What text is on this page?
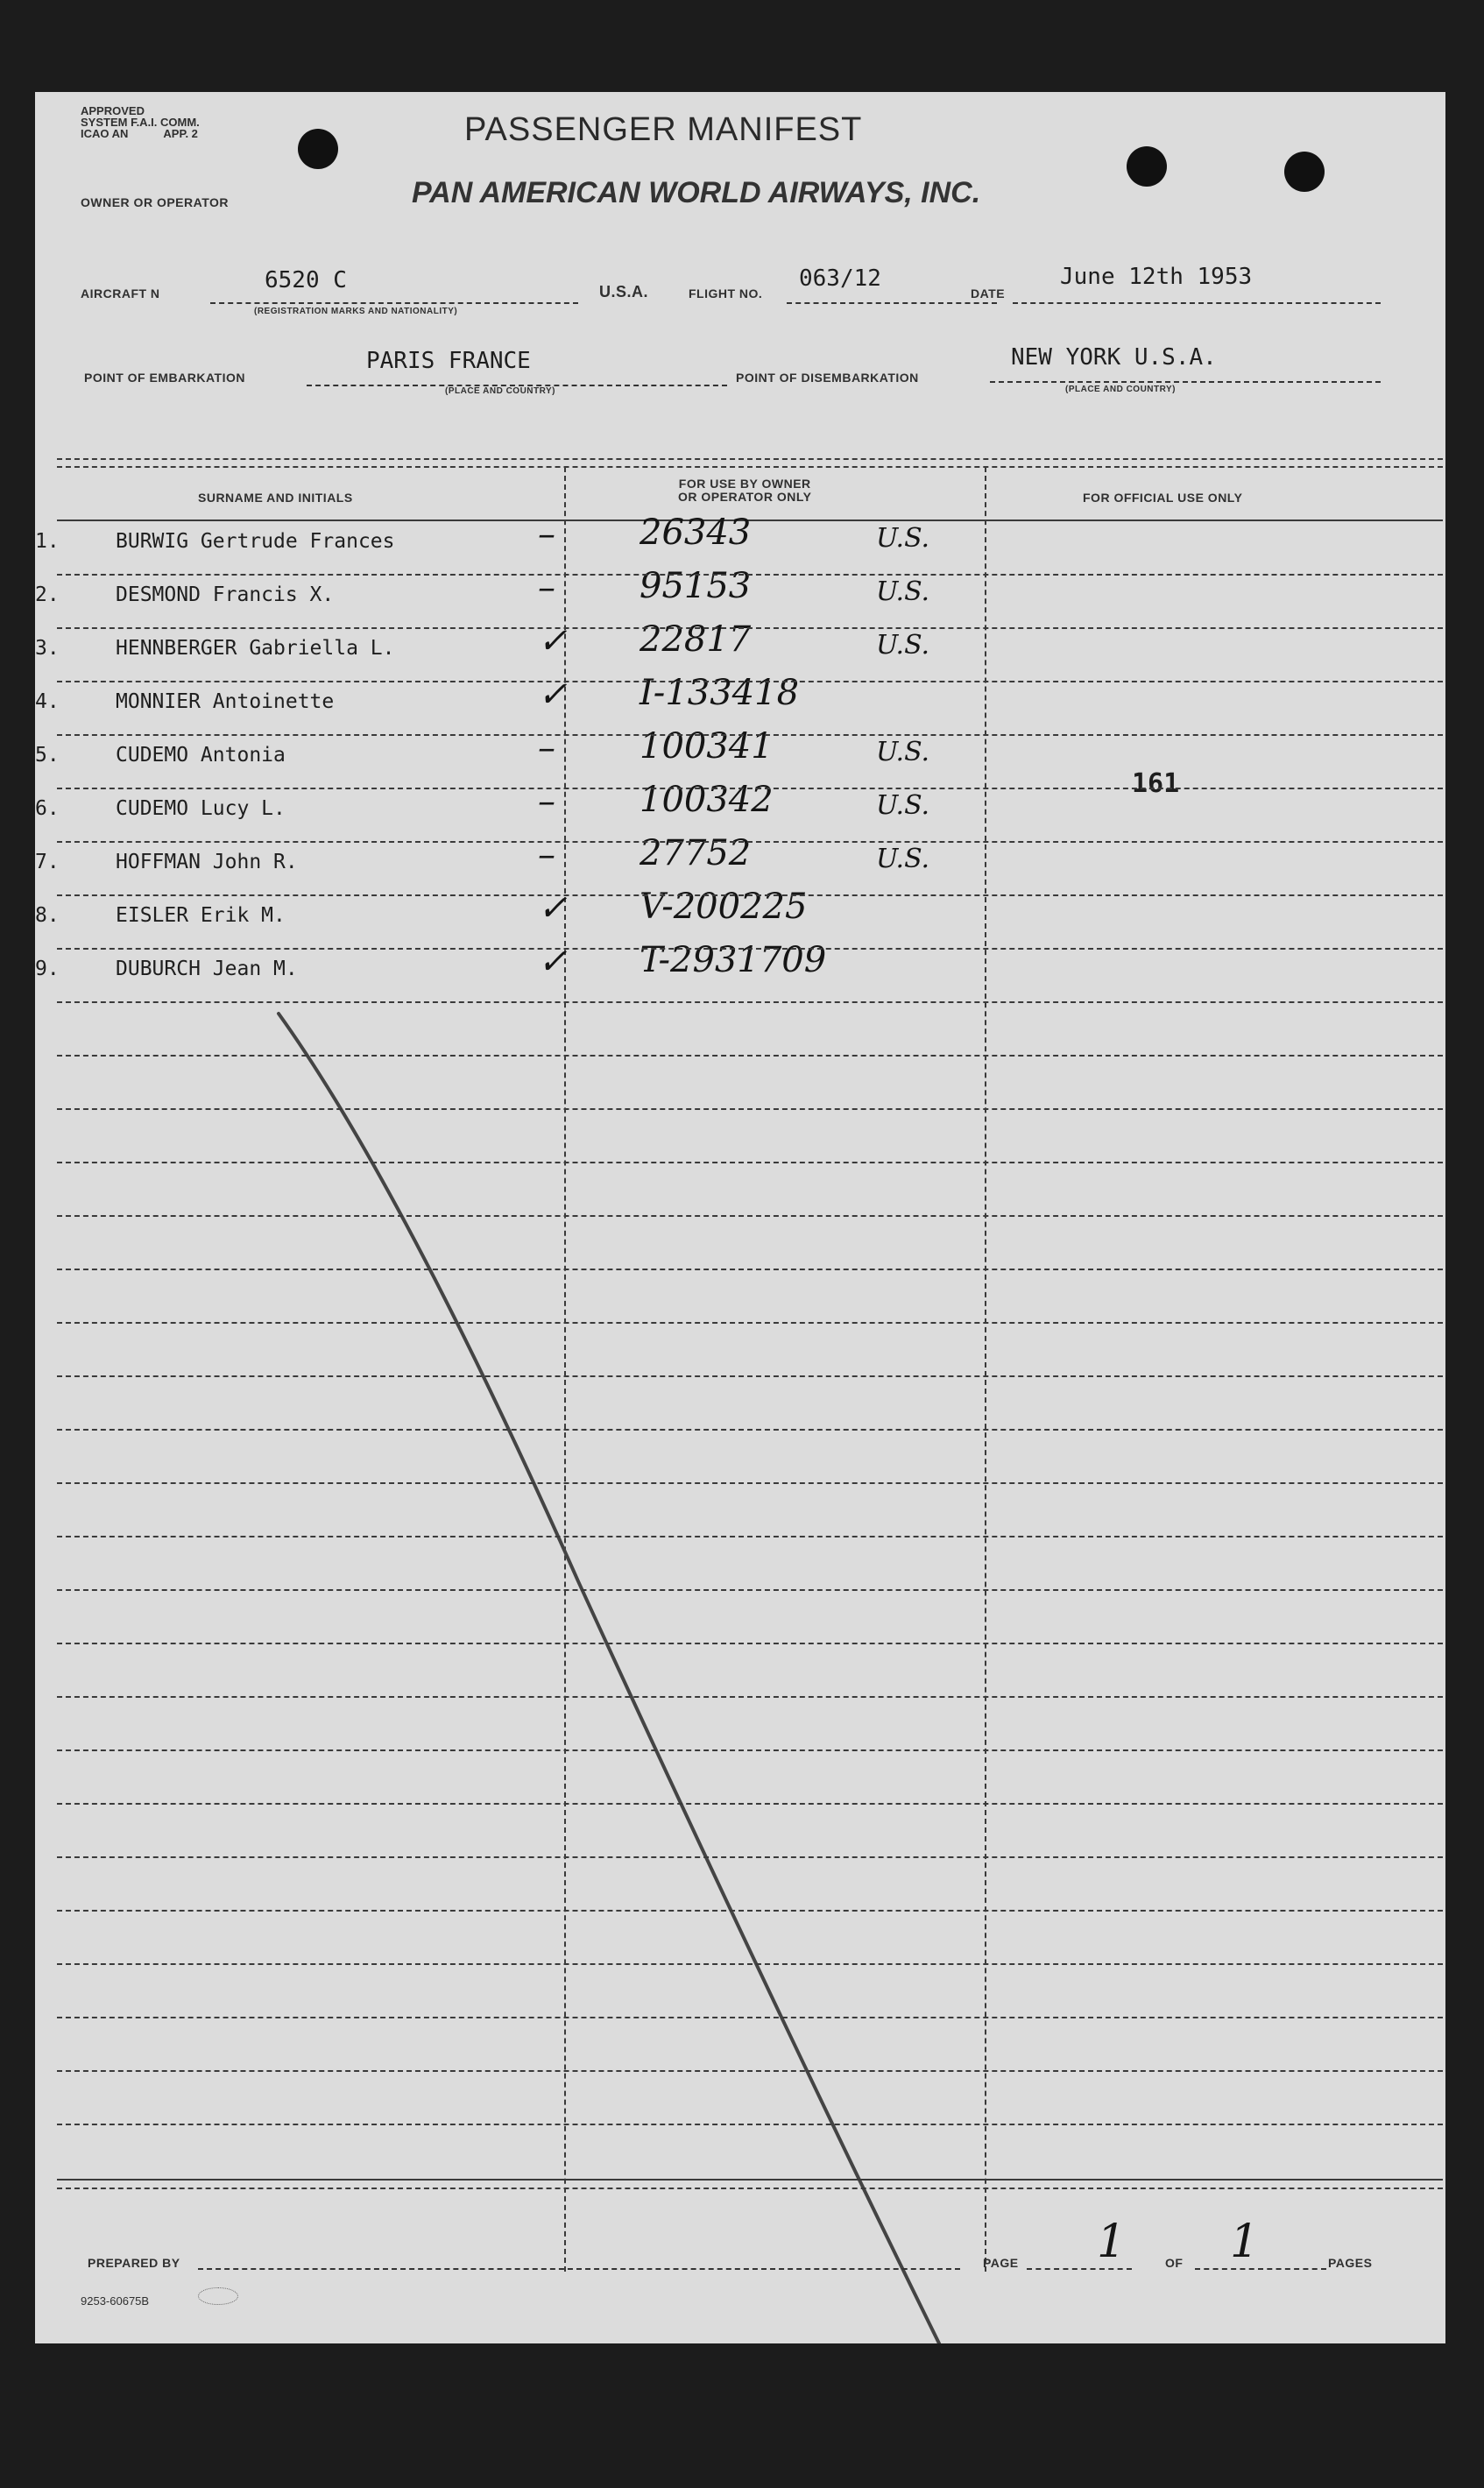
APPROVED
SYSTEM F.A.I. COMM.
ICAO AN	APP. 2	PASSENGER MANIFEST
OWNER OR OPERATOR	PAN AMERICAN WORLD AIRWAYS, INC.
AIRCRAFT N	6520 C
(REGISTRATION MARKS AND NATIONALITY)
U.S.A.	FLIGHT NO.
063/12
DATE
June 12th 1953
POINT OF EMBARKATION
PARIS FRANCE
(PLACE AND COUNTRY)
POINT OF DISEMBARKATION
NEW YORK U.S.A.
(PLACE AND COUNTRY)
SURNAME AND INITIALS
FOR USE BY OWNER
OR OPERATOR ONLY	FOR OFFICIAL USE ONLY
1.	BURWIG Gertrude Frances	– 26343	U.S.
2.	DESMOND Francis X.	– 95153	U.S.
3.	HENNBERGER Gabriella L.	✓ 22817	U.S.
4.	MONNIER Antoinette	✓ I-133418
5.	CUDEMO Antonia	– 100341	U.S.
6.	CUDEMO Lucy L.	– 100342	U.S.
7.	HOFFMAN John R.	– 27752	U.S.
8.	EISLER Erik M.	✓ V-200225
9.	DUBURCH Jean M.	✓ T-2931709
161
PREPARED BY	PAGE 1	OF 1	PAGES
9253-60675B
